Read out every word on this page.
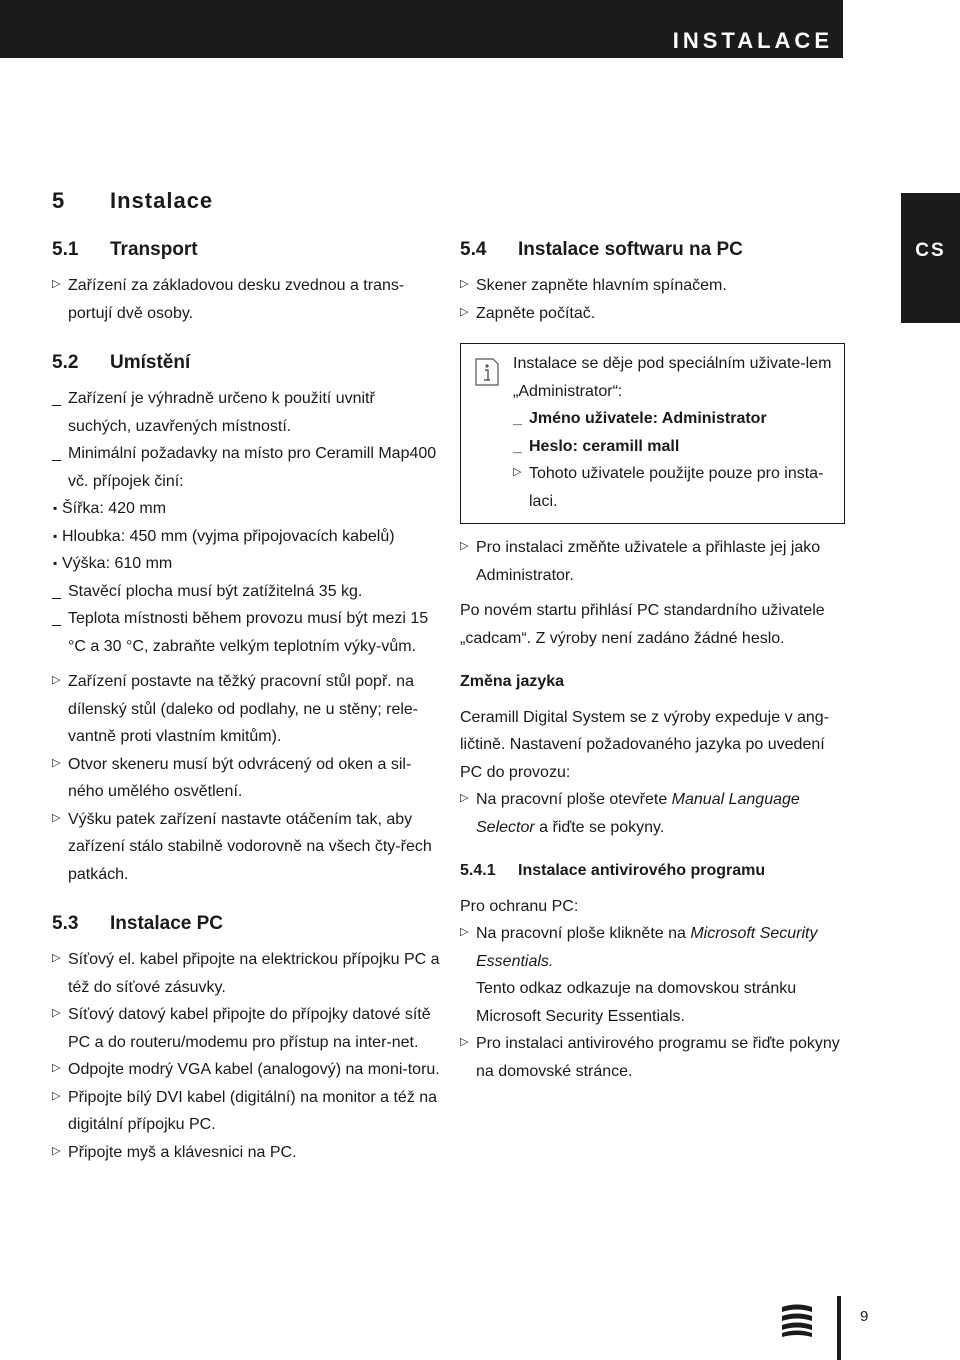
INSTALACE
CS
5 Instalace
5.1 Transport

▷ Zařízení za základovou desku zvednou a trans-portují dvě osoby.

5.2 Umístění

_ Zařízení je výhradně určeno k použití uvnitř suchých, uzavřených místností.

_ Minimální požadavky na místo pro Ceramill Map400 vč. přípojek činí:

▪ Šířka: 420 mm

▪ Hloubka: 450 mm (vyjma připojovacích kabelů)

▪ Výška: 610 mm

_ Stavěcí plocha musí být zatížitelná 35 kg.

_ Teplota místnosti během provozu musí být mezi 15 °C a 30 °C, zabraňte velkým teplotním výky-vům.

▷ Zařízení postavte na těžký pracovní stůl popř. na dílenský stůl (daleko od podlahy, ne u stěny; rele-vantně proti vlastním kmitům).

▷ Otvor skeneru musí být odvrácený od oken a sil-ného umělého osvětlení.

▷ Výšku patek zařízení nastavte otáčením tak, aby zařízení stálo stabilně vodorovně na všech čty-řech patkách.

5.3 Instalace PC

▷ Síťový el. kabel připojte na elektrickou přípojku PC a též do síťové zásuvky.

▷ Síťový datový kabel připojte do přípojky datové sítě PC a do routeru/modemu pro přístup na inter-net.

▷ Odpojte modrý VGA kabel (analogový) na moni-toru.

▷ Připojte bílý DVI kabel (digitální) na monitor a též na digitální přípojku PC.

▷ Připojte myš a klávesnici na PC.

5.4 Instalace softwaru na PC

▷ Skener zapněte hlavním spínačem.

▷ Zapněte počítač.

Instalace se děje pod speciálním uživate-lem „Administrator“:

_ Jméno uživatele: Administrator

_ Heslo: ceramill mall

▷ Tohoto uživatele použijte pouze pro insta-laci.

▷ Pro instalaci změňte uživatele a přihlaste jej jako Administrator.

Po novém startu přihlásí PC standardního uživatele „cadcam“. Z výroby není zadáno žádné heslo.

Změna jazyka

Ceramill Digital System se z výroby expeduje v ang-ličtině. Nastavení požadovaného jazyka po uvedení PC do provozu:

▷ Na pracovní ploše otevřete Manual Language Selector a řiďte se pokyny.

5.4.1 Instalace antivirového programu

Pro ochranu PC:

▷ Na pracovní ploše klikněte na Microsoft Security Essentials.

Tento odkaz odkazuje na domovskou stránku Microsoft Security Essentials.

▷ Pro instalaci antivirového programu se řiďte pokyny na domovské stránce.

9
